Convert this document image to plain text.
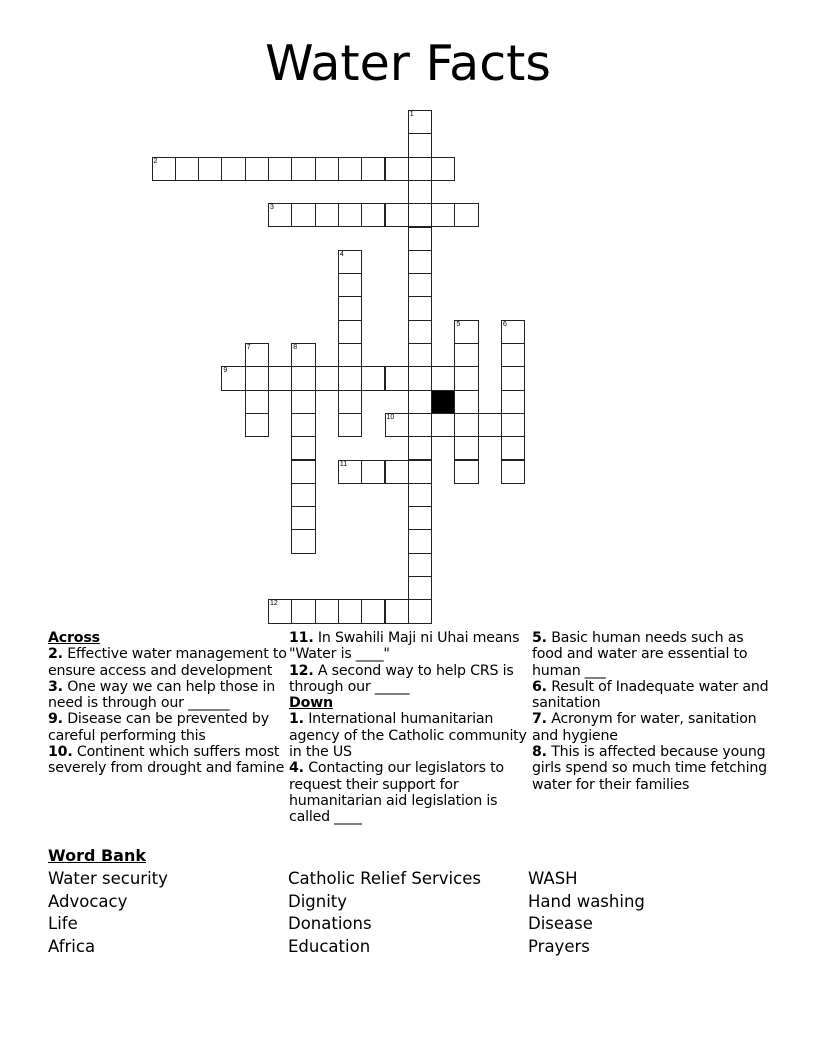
Water Facts
1
2
3
4
5	6
7	8
9
10
11
12
Across
2. Effective water management to ensure access and development
3. One way we can help those in need is through our ______
9. Disease can be prevented by careful performing this
10. Continent which suffers most severely from drought and famine
11. In Swahili Maji ni Uhai means "Water is ____"
12. A second way to help CRS is through our _____
Down
1. International humanitarian agency of the Catholic community in the US
4. Contacting our legislators to request their support for humanitarian aid legislation is called ____
5. Basic human needs such as food and water are essential to human ___
6. Result of Inadequate water and sanitation
7. Acronym for water, sanitation and hygiene
8. This is affected because young girls spend so much time fetching water for their families
Word Bank
Water security
Advocacy
Life
Africa
Catholic Relief Services
Dignity
Donations
Education
WASH
Hand washing
Disease
Prayers
